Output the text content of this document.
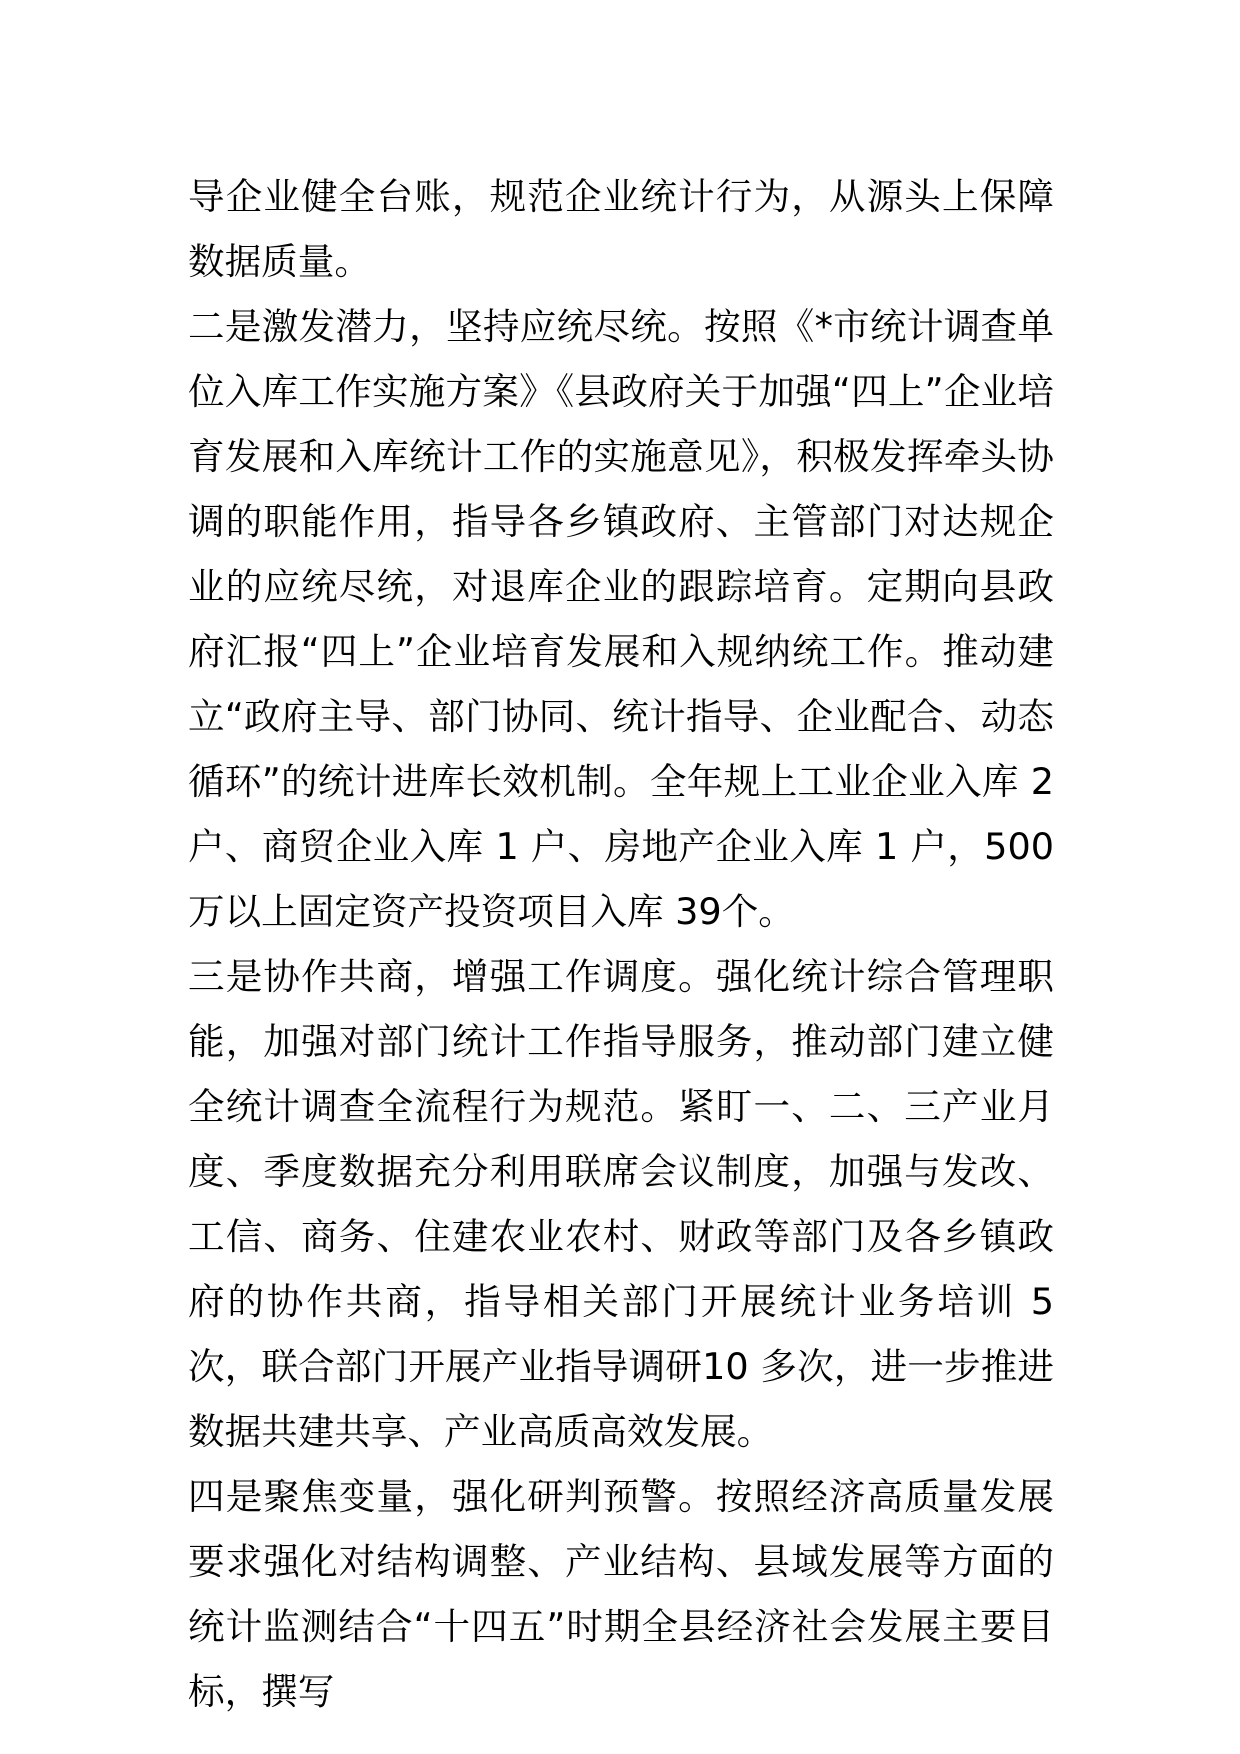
导企业健全台账，规范企业统计行为，从源头上保障数据质量。

二是激发潜力，坚持应统尽统。按照《*市统计调查单位入库工作实施方案》《县政府关于加强“四上”企业培育发展和入库统计工作的实施意见》，积极发挥牵头协调的职能作用，指导各乡镇政府、主管部门对达规企业的应统尽统，对退库企业的跟踪培育。定期向县政府汇报“四上”企业培育发展和入规纳统工作。推动建立“政府主导、部门协同、统计指导、企业配合、动态循环”的统计进库长效机制。全年规上工业企业入库 2 户、商贸企业入库 1 户、房地产企业入库 1 户，500 万以上固定资产投资项目入库 39个。

三是协作共商，增强工作调度。强化统计综合管理职能，加强对部门统计工作指导服务，推动部门建立健全统计调查全流程行为规范。紧盯一、二、三产业月度、季度数据充分利用联席会议制度，加强与发改、工信、商务、住建农业农村、财政等部门及各乡镇政府的协作共商，指导相关部门开展统计业务培训 5 次，联合部门开展产业指导调研10 多次，进一步推进数据共建共享、产业高质高效发展。

四是聚焦变量，强化研判预警。按照经济高质量发展要求强化对结构调整、产业结构、县域发展等方面的统计监测结合“十四五”时期全县经济社会发展主要目标，撰写
